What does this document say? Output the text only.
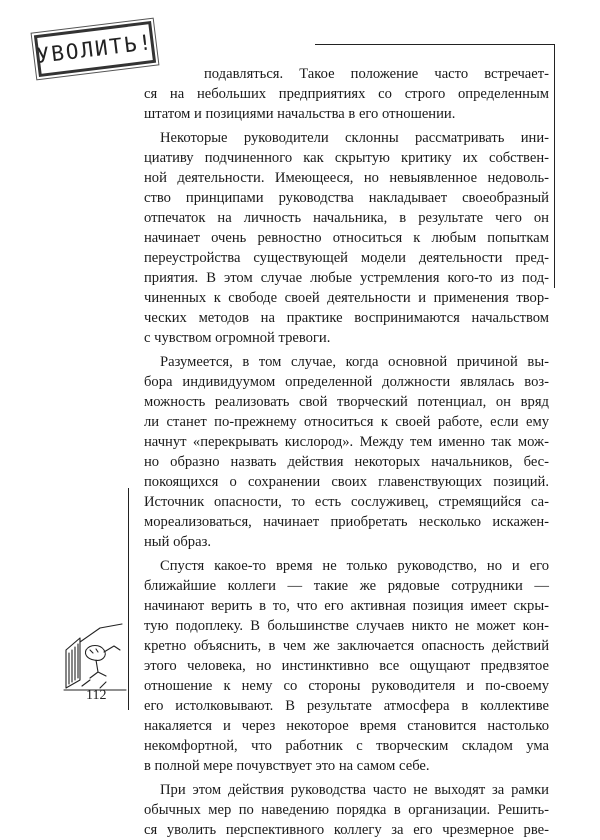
УВОЛИТЬ!

подавляться. Такое положение часто встречает-

ся на небольших предприятиях со строго определенным

штатом и позициями начальства в его отношении.

Некоторые руководители склонны рассматривать ини-

циативу подчиненного как скрытую критику их собствен-

ной деятельности. Имеющееся, но невыявленное недоволь-

ство принципами руководства накладывает своеобразный

отпечаток на личность начальника, в результате чего он

начинает очень ревностно относиться к любым попыткам

переустройства существующей модели деятельности пред-

приятия. В этом случае любые устремления кого-то из под-

чиненных к свободе своей деятельности и применения твор-

ческих методов на практике воспринимаются начальством

с чувством огромной тревоги.

Разумеется, в том случае, когда основной причиной вы-

бора индивидуумом определенной должности являлась воз-

можность реализовать свой творческий потенциал, он вряд

ли станет по-прежнему относиться к своей работе, если ему

начнут «перекрывать кислород». Между тем именно так мож-

но образно назвать действия некоторых начальников, бес-

покоящихся о сохранении своих главенствующих позиций.

Источник опасности, то есть сослуживец, стремящийся са-

мореализоваться, начинает приобретать несколько искажен-

ный образ.

Спустя какое-то время не только руководство, но и его

ближайшие коллеги — такие же рядовые сотрудники —

начинают верить в то, что его активная позиция имеет скры-

тую подоплеку. В большинстве случаев никто не может кон-

кретно объяснить, в чем же заключается опасность действий

этого человека, но инстинктивно все ощущают предвзятое

отношение к нему со стороны руководителя и по-своему

его истолковывают. В результате атмосфера в коллективе

накаляется и через некоторое время становится настолько

некомфортной, что работник с творческим складом ума

в полной мере почувствует это на самом себе.

При этом действия руководства часто не выходят за рамки

обычных мер по наведению порядка в организации. Решить-

ся уволить перспективного коллегу за его чрезмерное рве-

112
